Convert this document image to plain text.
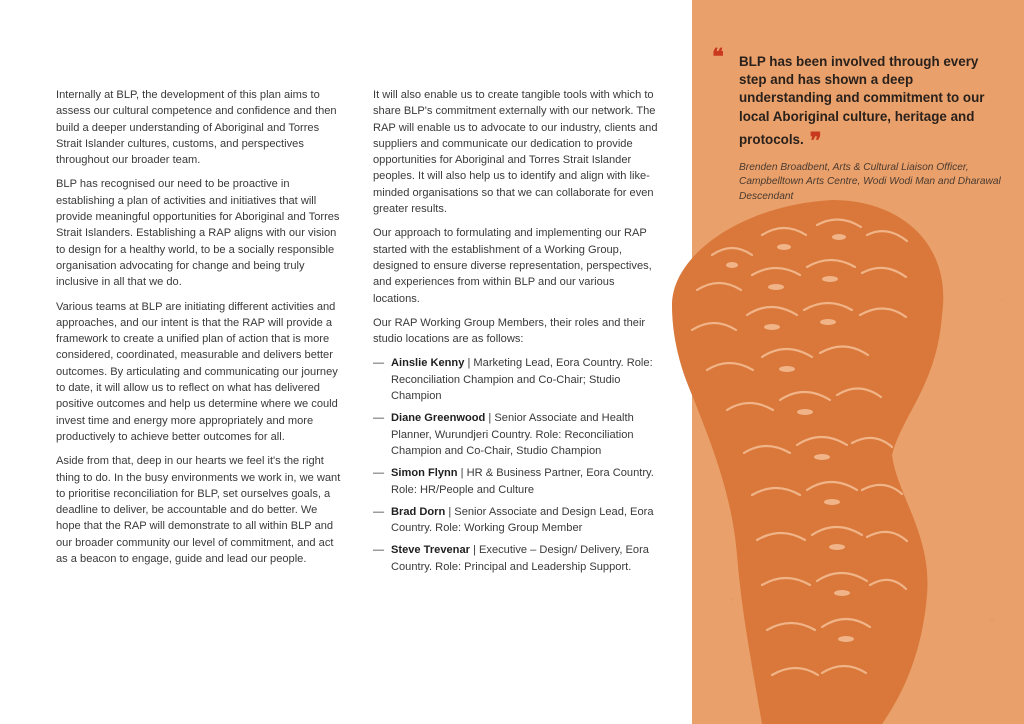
Internally at BLP, the development of this plan aims to assess our cultural competence and confidence and then build a deeper understanding of Aboriginal and Torres Strait Islander cultures, customs, and perspectives throughout our broader team.

BLP has recognised our need to be proactive in establishing a plan of activities and initiatives that will provide meaningful opportunities for Aboriginal and Torres Strait Islanders. Establishing a RAP aligns with our vision to design for a healthy world, to be a socially responsible organisation advocating for change and being truly inclusive in all that we do.

Various teams at BLP are initiating different activities and approaches, and our intent is that the RAP will provide a framework to create a unified plan of action that is more considered, coordinated, measurable and delivers better outcomes. By articulating and communicating our journey to date, it will allow us to reflect on what has delivered positive outcomes and help us determine where we could invest time and energy more appropriately and more productively to achieve better outcomes for all.

Aside from that, deep in our hearts we feel it's the right thing to do. In the busy environments we work in, we want to prioritise reconciliation for BLP, set ourselves goals, a deadline to deliver, be accountable and do better. We hope that the RAP will demonstrate to all within BLP and our broader community our level of commitment, and act as a beacon to engage, guide and lead our people.

It will also enable us to create tangible tools with which to share BLP's commitment externally with our network. The RAP will enable us to advocate to our industry, clients and suppliers and communicate our dedication to provide opportunities for Aboriginal and Torres Strait Islander peoples. It will also help us to identify and align with like-minded organisations so that we can collaborate for even greater results.

Our approach to formulating and implementing our RAP started with the establishment of a Working Group, designed to ensure diverse representation, perspectives, and experiences from within BLP and our various locations.

Our RAP Working Group Members, their roles and their studio locations are as follows:

— Ainslie Kenny | Marketing Lead, Eora Country. Role: Reconciliation Champion and Co-Chair; Studio Champion
— Diane Greenwood | Senior Associate and Health Planner, Wurundjeri Country. Role: Reconciliation Champion and Co-Chair, Studio Champion
— Simon Flynn | HR & Business Partner, Eora Country. Role: HR/People and Culture
— Brad Dorn | Senior Associate and Design Lead, Eora Country. Role: Working Group Member
— Steve Trevenar | Executive – Design/ Delivery, Eora Country. Role: Principal and Leadership Support.
❝ BLP has been involved through every step and has shown a deep understanding and commitment to our local Aboriginal culture, heritage and protocols. ❞

Brenden Broadbent, Arts & Cultural Liaison Officer, Campbelltown Arts Centre, Wodi Wodi Man and Dharawal Descendant
